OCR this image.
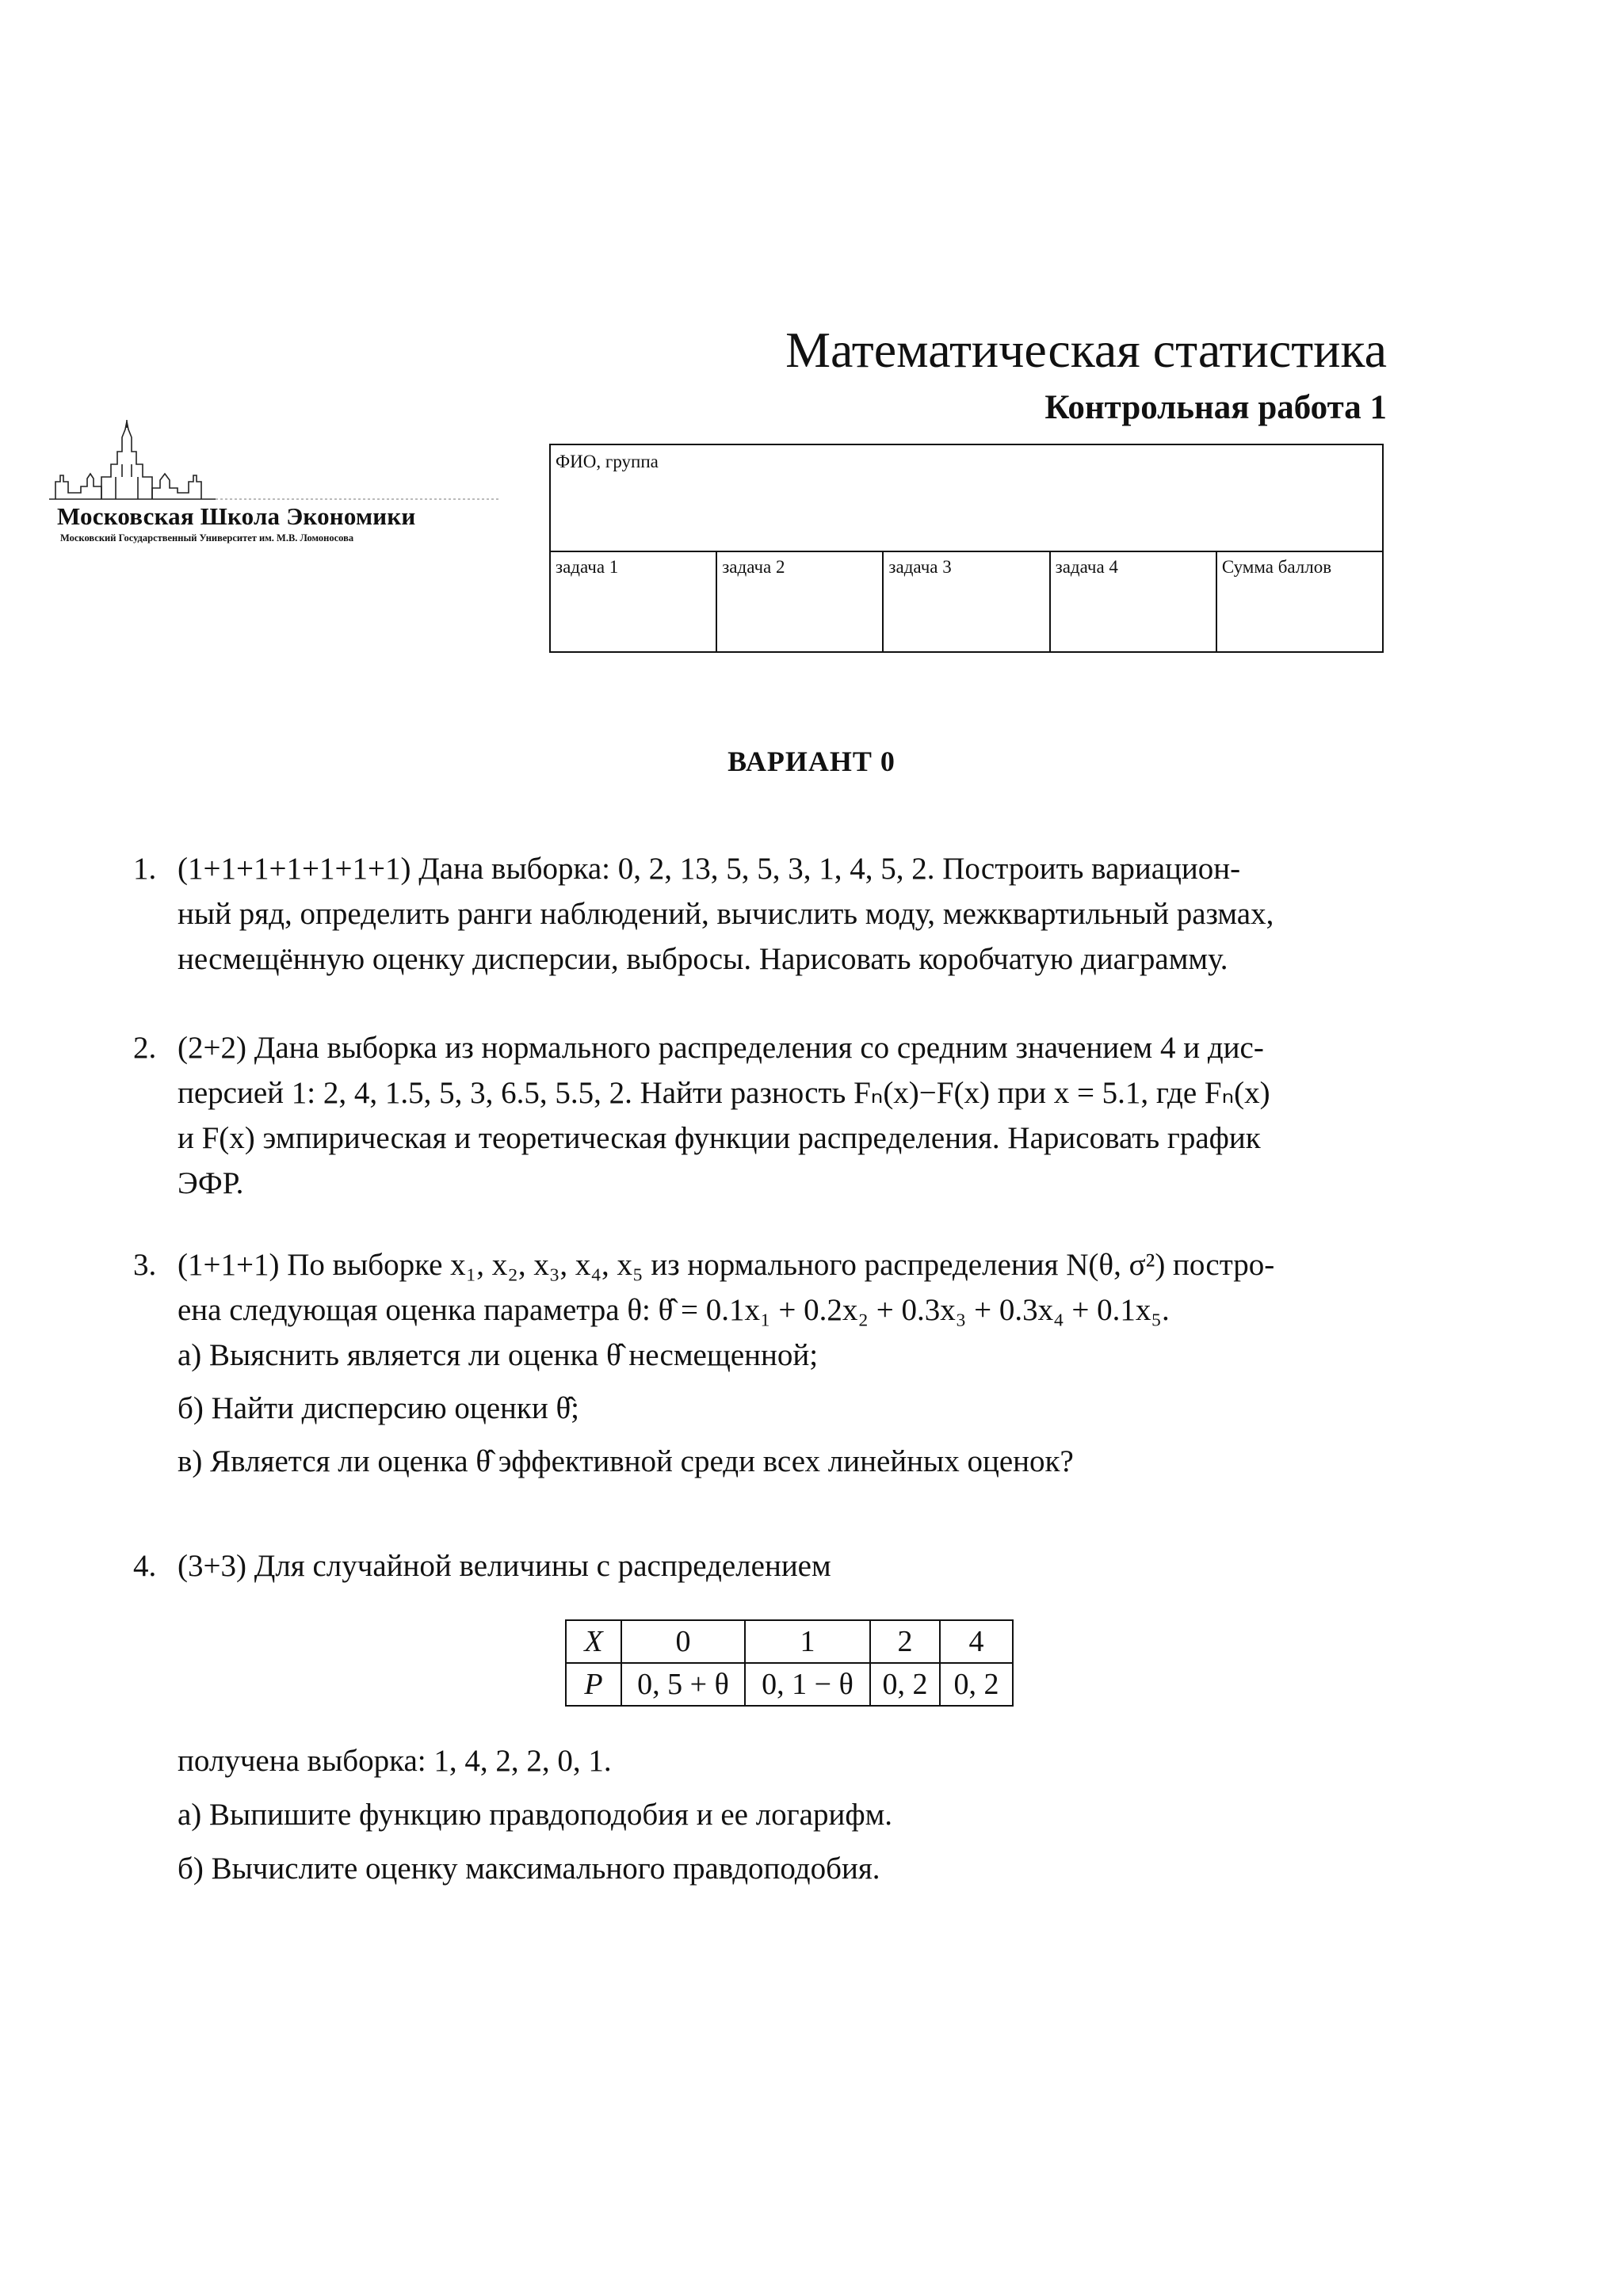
Математическая статистика
Контрольная работа 1
Московская Школа Экономики
Московский Государственный Университет им. М.В. Ломоносова
ФИО, группа
задача 1	задача 2	задача 3	задача 4	Сумма баллов
ВАРИАНТ 0
1. (1+1+1+1+1+1+1) Дана выборка: 0, 2, 13, 5, 5, 3, 1, 4, 5, 2. Построить вариацион-
ный ряд, определить ранги наблюдений, вычислить моду, межквартильный размах,
несмещённую оценку дисперсии, выбросы. Нарисовать коробчатую диаграмму.
2. (2+2) Дана выборка из нормального распределения со средним значением 4 и дис-
персией 1: 2, 4, 1.5, 5, 3, 6.5, 5.5, 2. Найти разность Fₙ(x)−F(x) при x = 5.1, где Fₙ(x)
и F(x) эмпирическая и теоретическая функции распределения. Нарисовать график
ЭФР.
3. (1+1+1) По выборке x₁, x₂, x₃, x₄, x₅ из нормального распределения N(θ, σ²) постро-
ена следующая оценка параметра θ: θ̂ = 0.1x₁ + 0.2x₂ + 0.3x₃ + 0.3x₄ + 0.1x₅.
а) Выяснить является ли оценка θ̂ несмещенной;
б) Найти дисперсию оценки θ̂;
в) Является ли оценка θ̂ эффективной среди всех линейных оценок?
4. (3+3) Для случайной величины с распределением
X	0	1	2	4
P	0, 5 + θ	0, 1 − θ	0, 2	0, 2
получена выборка: 1, 4, 2, 2, 0, 1.
а) Выпишите функцию правдоподобия и ее логарифм.
б) Вычислите оценку максимального правдоподобия.
